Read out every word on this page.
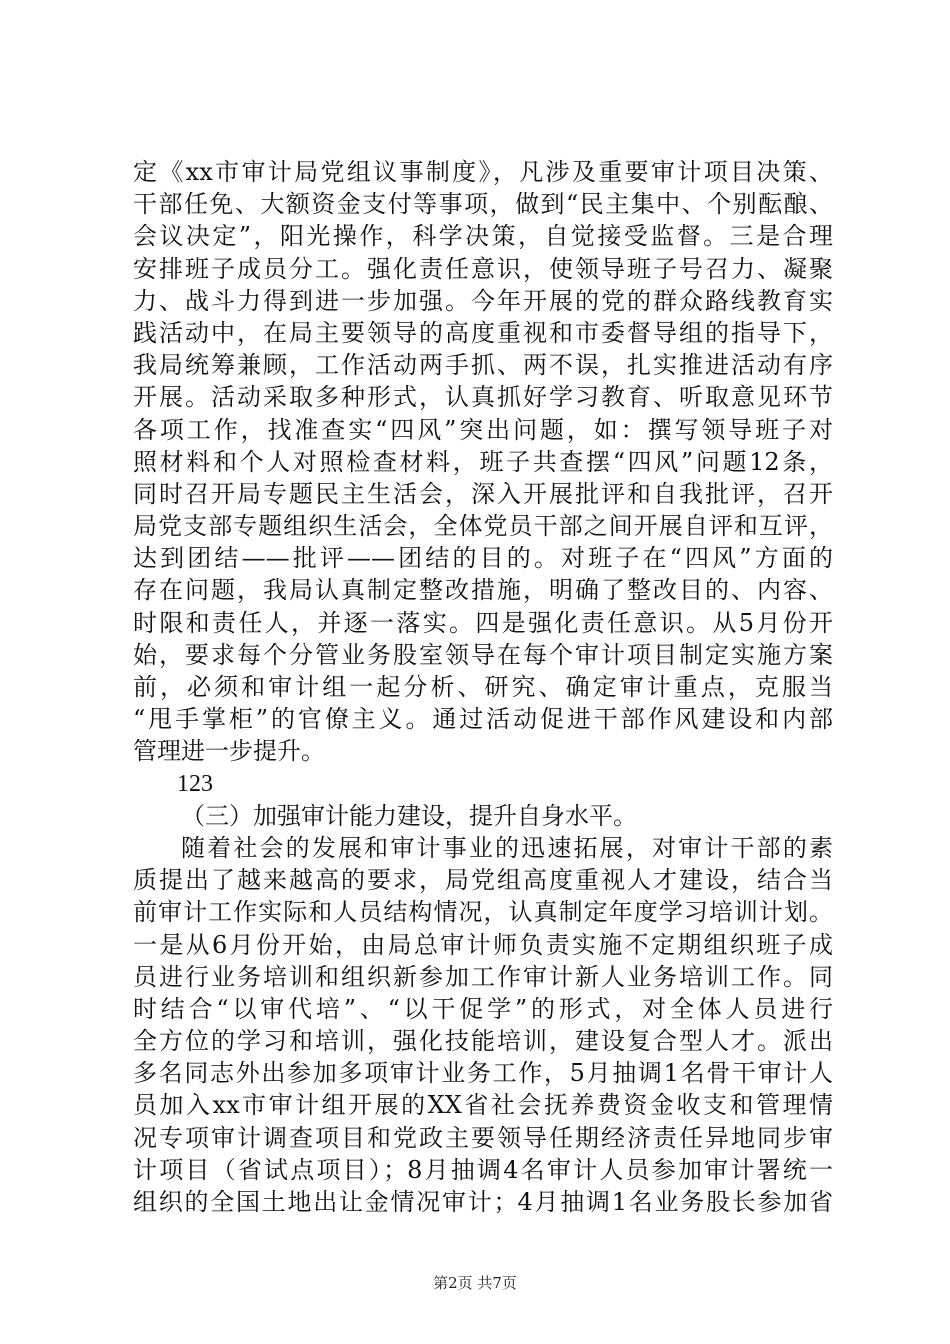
定《xx市审计局党组议事制度》，凡涉及重要审计项目决策、
干部任免、大额资金支付等事项，做到“民主集中、个别酝酿、
会议决定”，阳光操作，科学决策，自觉接受监督。三是合理
安排班子成员分工。强化责任意识，使领导班子号召力、凝聚
力、战斗力得到进一步加强。今年开展的党的群众路线教育实
践活动中，在局主要领导的高度重视和市委督导组的指导下，
我局统筹兼顾，工作活动两手抓、两不误，扎实推进活动有序
开展。活动采取多种形式，认真抓好学习教育、听取意见环节
各项工作，找准查实“四风”突出问题，如：撰写领导班子对
照材料和个人对照检查材料，班子共查摆“四风”问题12条，
同时召开局专题民主生活会，深入开展批评和自我批评，召开
局党支部专题组织生活会，全体党员干部之间开展自评和互评，
达到团结——批评——团结的目的。对班子在“四风”方面的
存在问题，我局认真制定整改措施，明确了整改目的、内容、
时限和责任人，并逐一落实。四是强化责任意识。从5月份开
始，要求每个分管业务股室领导在每个审计项目制定实施方案
前，必须和审计组一起分析、研究、确定审计重点，克服当
“甩手掌柜”的官僚主义。通过活动促进干部作风建设和内部
管理进一步提升。
123
（三）加强审计能力建设，提升自身水平。
随着社会的发展和审计事业的迅速拓展，对审计干部的素
质提出了越来越高的要求，局党组高度重视人才建设，结合当
前审计工作实际和人员结构情况，认真制定年度学习培训计划。
一是从6月份开始，由局总审计师负责实施不定期组织班子成
员进行业务培训和组织新参加工作审计新人业务培训工作。同
时结合“以审代培”、“以干促学”的形式，对全体人员进行
全方位的学习和培训，强化技能培训，建设复合型人才。派出
多名同志外出参加多项审计业务工作，5月抽调1名骨干审计人
员加入xx市审计组开展的XX省社会抚养费资金收支和管理情
况专项审计调查项目和党政主要领导任期经济责任异地同步审
计项目（省试点项目）；8月抽调4名审计人员参加审计署统一
组织的全国土地出让金情况审计；4月抽调1名业务股长参加省
第2页 共7页
